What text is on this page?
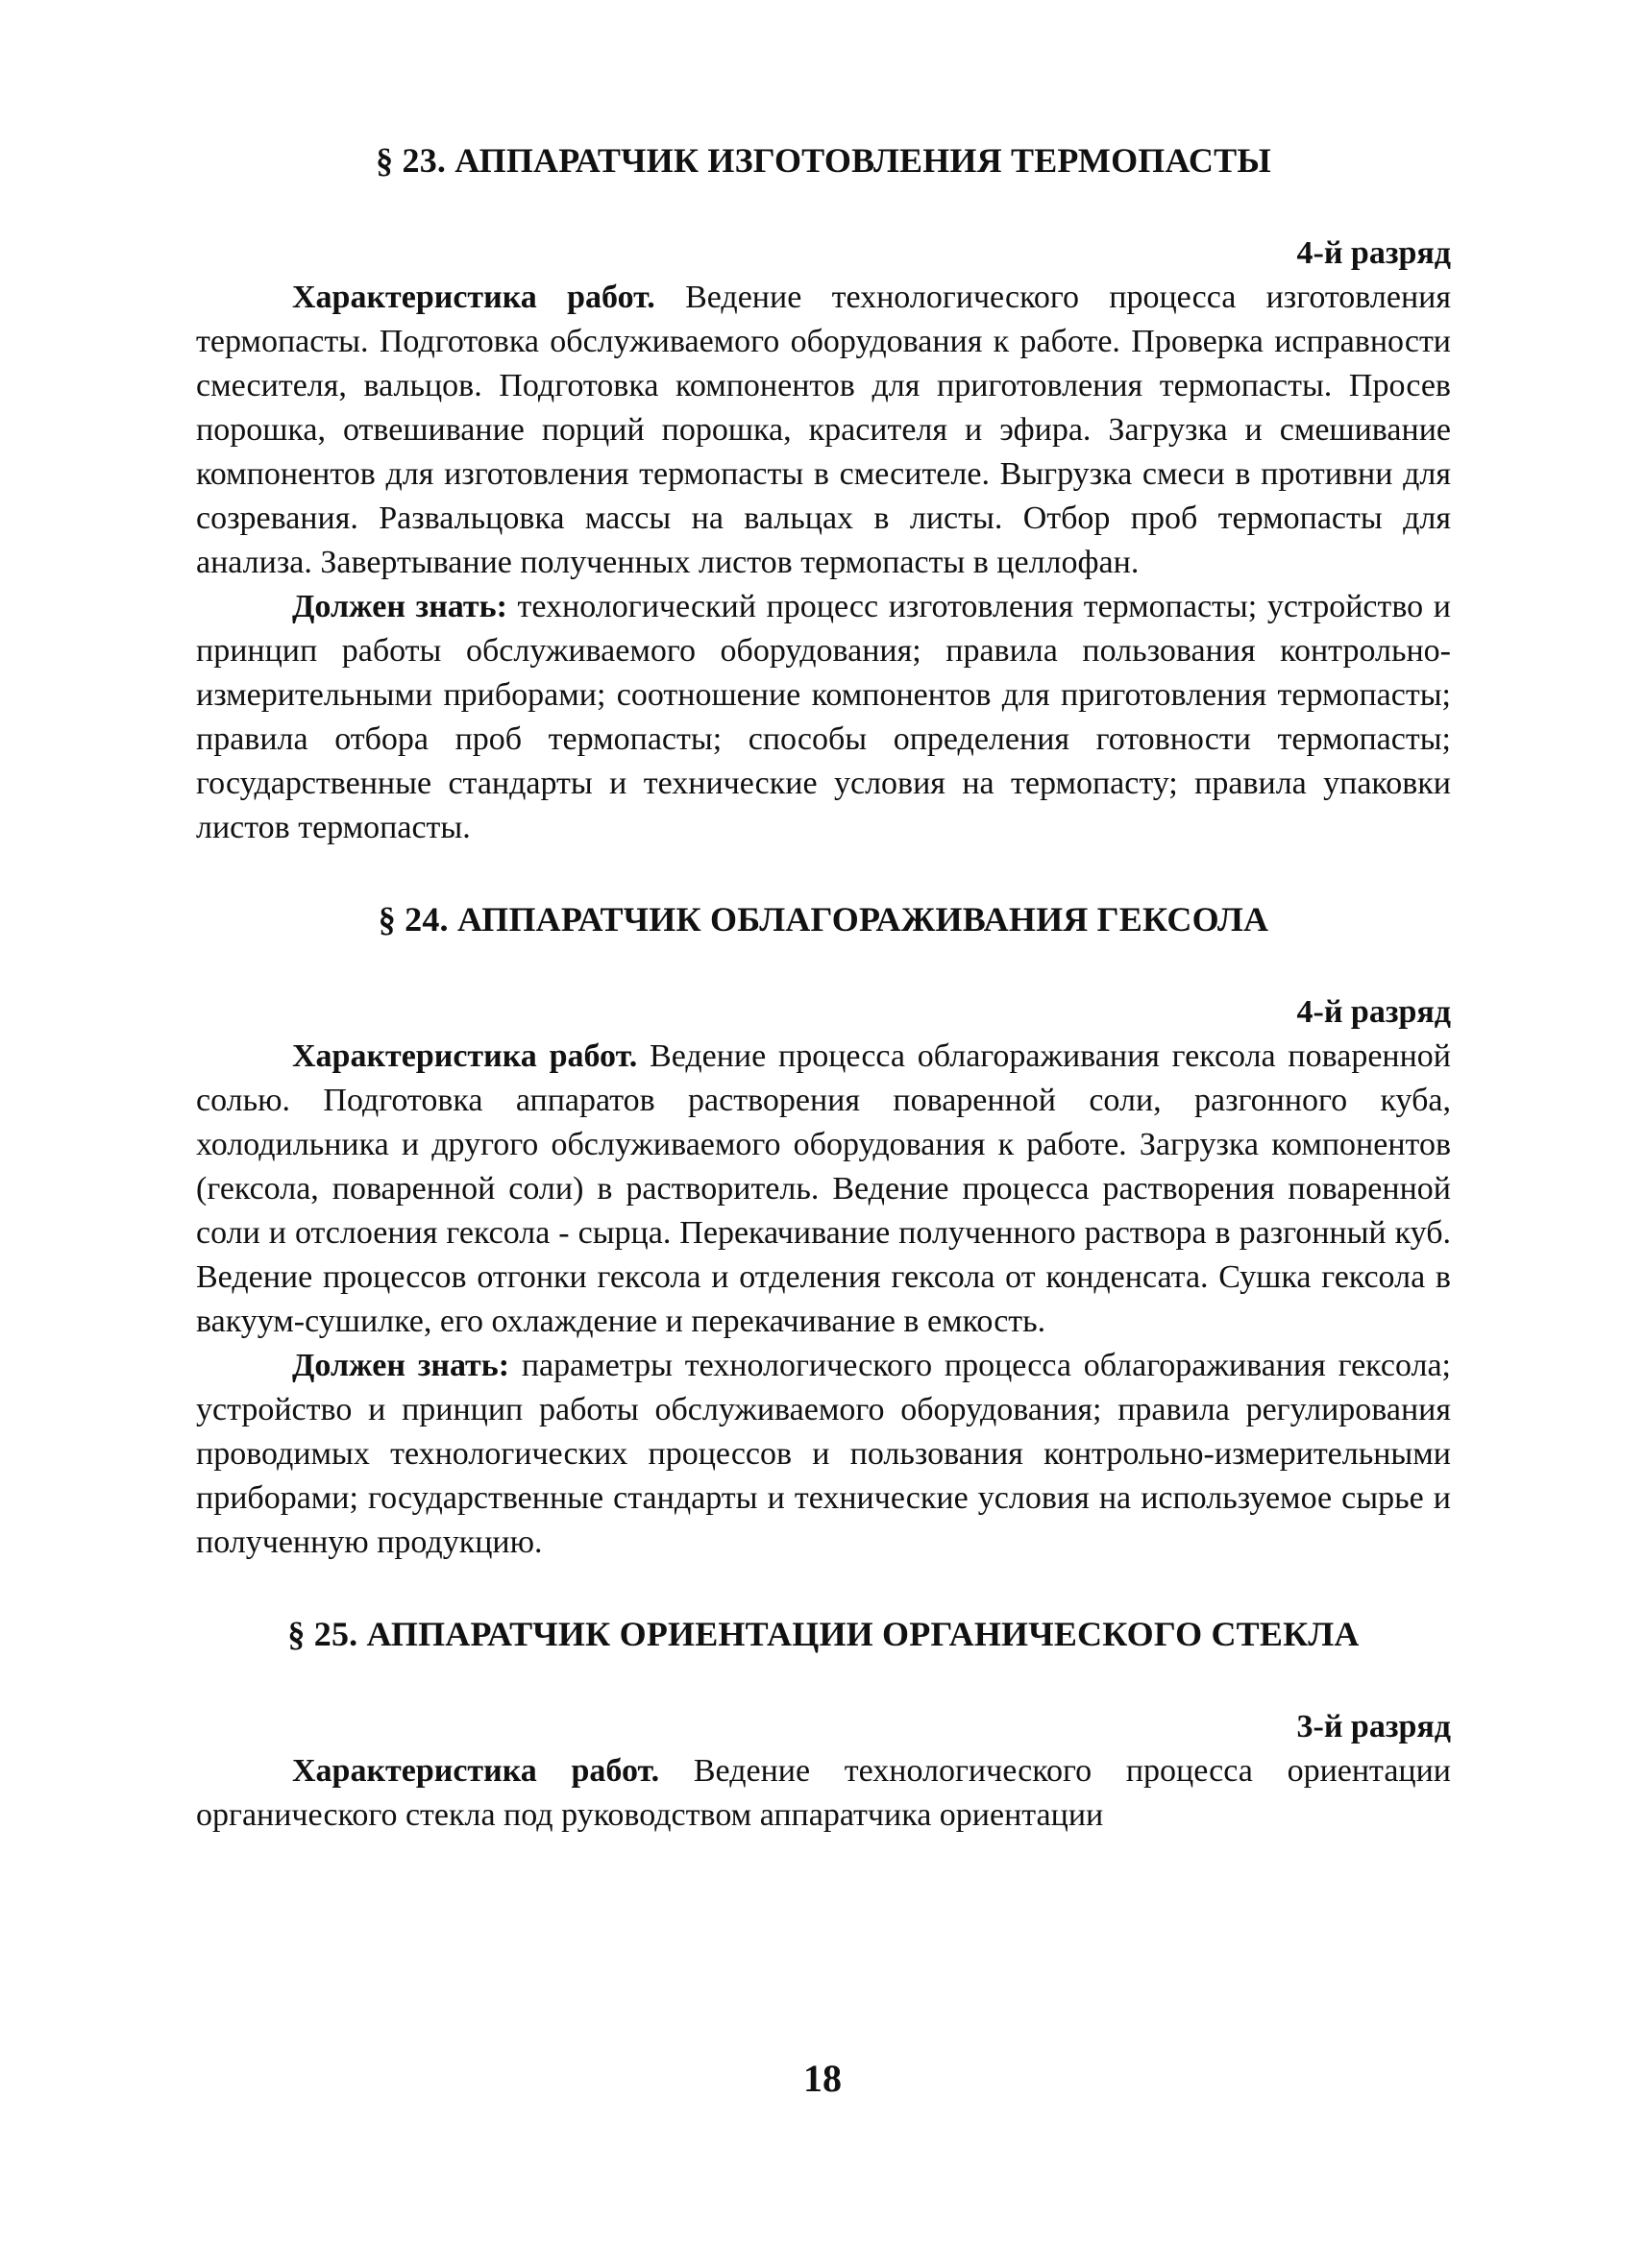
§ 23. АППАРАТЧИК ИЗГОТОВЛЕНИЯ ТЕРМОПАСТЫ
4-й разряд

Характеристика работ. Ведение технологического процесса изготовления термопасты. Подготовка обслуживаемого оборудования к работе. Проверка исправности смесителя, вальцов. Подготовка компонентов для приготовления термопасты. Просев порошка, отвешивание порций порошка, красителя и эфира. Загрузка и смешивание компонентов для изготовления термопасты в смесителе. Выгрузка смеси в противни для созревания. Развальцовка массы на вальцах в листы. Отбор проб термопасты для анализа. Завертывание полученных листов термопасты в целлофан.

Должен знать: технологический процесс изготовления термопасты; устройство и принцип работы обслуживаемого оборудования; правила пользования контрольно-измерительными приборами; соотношение компонентов для приготовления термопасты; правила отбора проб термопасты; способы определения готовности термопасты; государственные стандарты и технические условия на термопасту; правила упаковки листов термопасты.

§ 24. АППАРАТЧИК ОБЛАГОРАЖИВАНИЯ ГЕКСОЛА
4-й разряд

Характеристика работ. Ведение процесса облагораживания гексола поваренной солью. Подготовка аппаратов растворения поваренной соли, разгонного куба, холодильника и другого обслуживаемого оборудования к работе. Загрузка компонентов (гексола, поваренной соли) в растворитель. Ведение процесса растворения поваренной соли и отслоения гексола - сырца. Перекачивание полученного раствора в разгонный куб. Ведение процессов отгонки гексола и отделения гексола от конденсата. Сушка гексола в вакуум-сушилке, его охлаждение и перекачивание в емкость.

Должен знать: параметры технологического процесса облагораживания гексола; устройство и принцип работы обслуживаемого оборудования; правила регулирования проводимых технологических процессов и пользования контрольно-измерительными приборами; государственные стандарты и технические условия на используемое сырье и полученную продукцию.

§ 25. АППАРАТЧИК ОРИЕНТАЦИИ ОРГАНИЧЕСКОГО СТЕКЛА
3-й разряд

Характеристика работ. Ведение технологического процесса ориентации органического стекла под руководством аппаратчика ориентации

18
